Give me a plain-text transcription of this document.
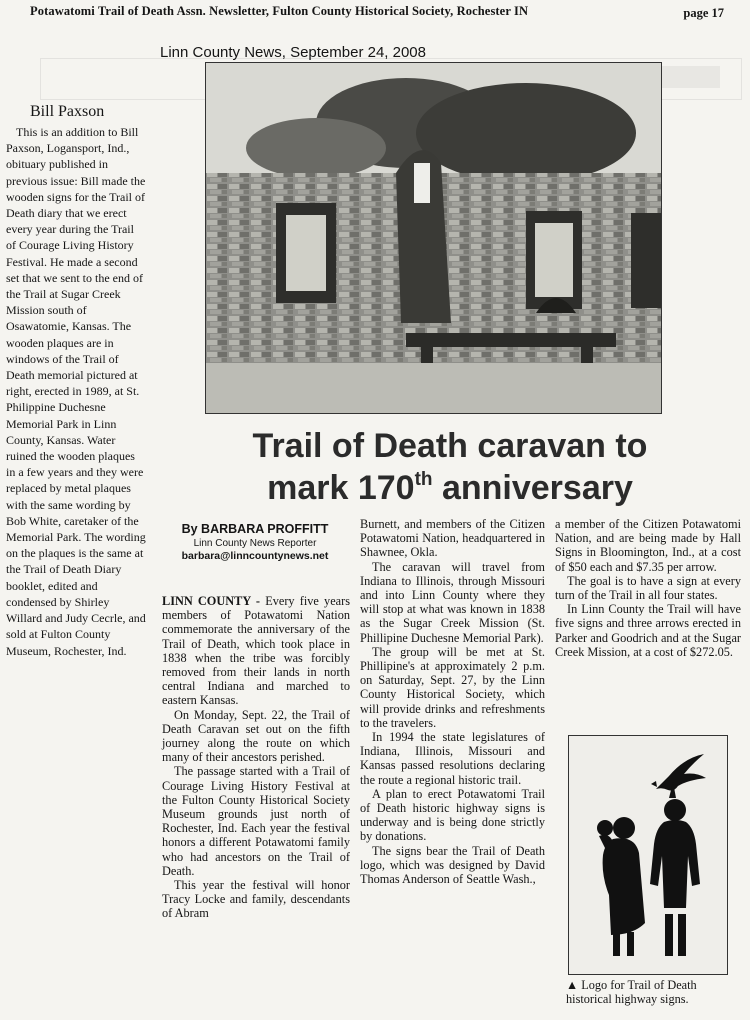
Potawatomi Trail of Death Assn. Newsletter, Fulton County Historical Society, Rochester IN	page 17
Linn County News, September 24, 2008
Bill Paxson

This is an addition to Bill Paxson, Logansport, Ind., obituary published in previous issue: Bill made the wooden signs for the Trail of Death diary that we erect every year during the Trail of Courage Living History Festival. He made a second set that we sent to the end of the Trail at Sugar Creek Mission south of Osawatomie, Kansas. The wooden plaques are in windows of the Trail of Death memorial pictured at right, erected in 1989, at St. Philippine Duchesne Memorial Park in Linn County, Kansas. Water ruined the wooden plaques in a few years and they were replaced by metal plaques with the same wording by Bob White, caretaker of the Memorial Park. The wording on the plaques is the same at the Trail of Death Diary booklet, edited and condensed by Shirley Willard and Judy Cecrle, and sold at Fulton County Museum, Rochester, Ind.

Trail of Death caravan to
mark 170th anniversary
By BARBARA PROFFITT
Linn County News Reporter
barbara@linncountynews.net

LINN COUNTY - Every five years members of Potawatomi Nation commemorate the anniversary of the Trail of Death, which took place in 1838 when the tribe was forcibly removed from their lands in north central Indiana and marched to eastern Kansas.

On Monday, Sept. 22, the Trail of Death Caravan set out on the fifth journey along the route on which many of their ancestors perished.

The passage started with a Trail of Courage Living History Festival at the Fulton County Historical Society Museum grounds just north of Rochester, Ind. Each year the festival honors a different Potawatomi family who had ancestors on the Trail of Death.

This year the festival will honor Tracy Locke and family, descendants of Abram

Burnett, and members of the Citizen Potawatomi Nation, headquartered in Shawnee, Okla.

The caravan will travel from Indiana to Illinois, through Missouri and into Linn County where they will stop at what was known in 1838 as the Sugar Creek Mission (St. Phillipine Duchesne Memorial Park).

The group will be met at St. Phillipine's at approximately 2 p.m. on Saturday, Sept. 27, by the Linn County Historical Society, which will provide drinks and refreshments to the travelers.

In 1994 the state legislatures of Indiana, Illinois, Missouri and Kansas passed resolutions declaring the route a regional historic trail.

A plan to erect Potawatomi Trail of Death historic highway signs is underway and is being done strictly by donations.

The signs bear the Trail of Death logo, which was designed by David Thomas Anderson of Seattle Wash.,

a member of the Citizen Potawatomi Nation, and are being made by Hall Signs in Bloomington, Ind., at a cost of $50 each and $7.35 per arrow.

The goal is to have a sign at every turn of the Trail in all four states.

In Linn County the Trail will have five signs and three arrows erected in Parker and Goodrich and at the Sugar Creek Mission, at a cost of $272.05.

▲ Logo for Trail of Death historical highway signs.
